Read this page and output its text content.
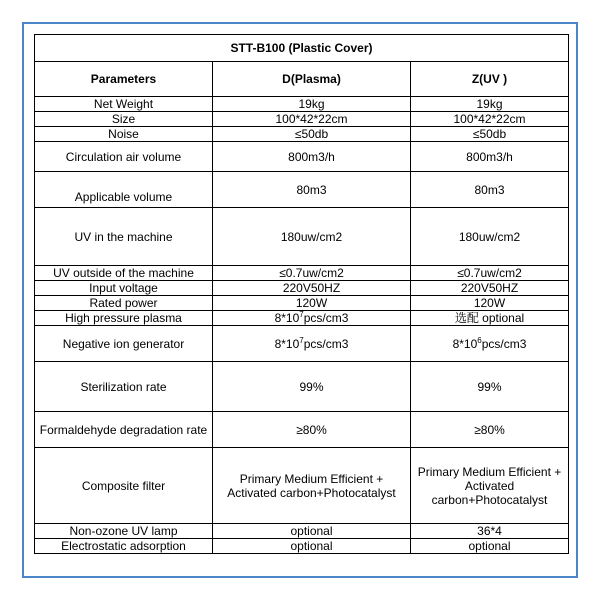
STT-B100 (Plastic Cover)		
Parameters	D(Plasma)	Z(UV )
Net Weight	19kg	19kg
Size	100*42*22cm	100*42*22cm
Noise	≤50db	≤50db
Circulation air volume	800m3/h	800m3/h
Applicable volume	80m3	80m3
UV in the machine	180uw/cm2	180uw/cm2
UV outside of the machine	≤0.7uw/cm2	≤0.7uw/cm2
Input voltage	220V50HZ	220V50HZ
Rated power	120W	120W
High pressure plasma	$8*10^7pcs/cm3$	选配 optional
Negative ion generator	$8*10^7pcs/cm3$	$8*10^6pcs/cm3$
Sterilization rate	99%	99%
Formaldehyde degradation rate	≥80%	≥80%
Composite filter	Primary Medium Efficient + Activated carbon+Photocatalyst	Primary Medium Efficient + Activated carbon+Photocatalyst
Non-ozone UV lamp	optional	36*4
Electrostatic adsorption	optional	optional
